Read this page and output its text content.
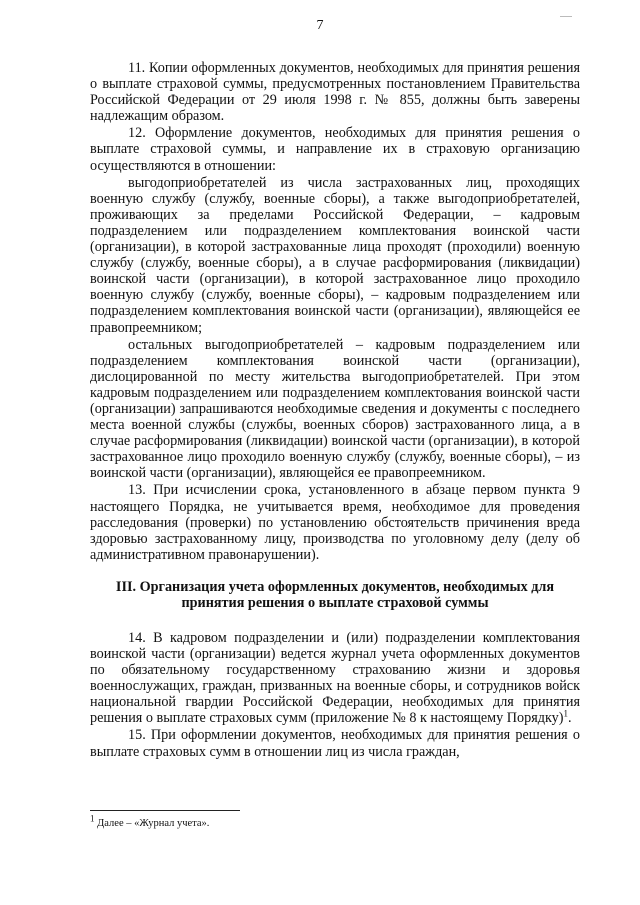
7

11. Копии оформленных документов, необходимых для принятия решения о выплате страховой суммы, предусмотренных постановлением Правительства Российской Федерации от 29 июля 1998 г. № 855, должны быть заверены надлежащим образом.

12. Оформление документов, необходимых для принятия решения о выплате страховой суммы, и направление их в страховую организацию осуществляются в отношении:

выгодоприобретателей из числа застрахованных лиц, проходящих военную службу (службу, военные сборы), а также выгодоприобретателей, проживающих за пределами Российской Федерации, – кадровым подразделением или подразделением комплектования воинской части (организации), в которой застрахованные лица проходят (проходили) военную службу (службу, военные сборы), а в случае расформирования (ликвидации) воинской части (организации), в которой застрахованное лицо проходило военную службу (службу, военные сборы), – кадровым подразделением или подразделением комплектования воинской части (организации), являющейся ее правопреемником;

остальных выгодоприобретателей – кадровым подразделением или подразделением комплектования воинской части (организации), дислоцированной по месту жительства выгодоприобретателей. При этом кадровым подразделением или подразделением комплектования воинской части (организации) запрашиваются необходимые сведения и документы с последнего места военной службы (службы, военных сборов) застрахованного лица, а в случае расформирования (ликвидации) воинской части (организации), в которой застрахованное лицо проходило военную службу (службу, военные сборы), – из воинской части (организации), являющейся ее правопреемником.

13. При исчислении срока, установленного в абзаце первом пункта 9 настоящего Порядка, не учитывается время, необходимое для проведения расследования (проверки) по установлению обстоятельств причинения вреда здоровью застрахованному лицу, производства по уголовному делу (делу об административном правонарушении).

III. Организация учета оформленных документов, необходимых для принятия решения о выплате страховой суммы

14. В кадровом подразделении и (или) подразделении комплектования воинской части (организации) ведется журнал учета оформленных документов по обязательному государственному страхованию жизни и здоровья военнослужащих, граждан, призванных на военные сборы, и сотрудников войск национальной гвардии Российской Федерации, необходимых для принятия решения о выплате страховых сумм (приложение № 8 к настоящему Порядку)$^1$.

15. При оформлении документов, необходимых для принятия решения о выплате страховых сумм в отношении лиц из числа граждан,

$^1$ Далее – «Журнал учета».
